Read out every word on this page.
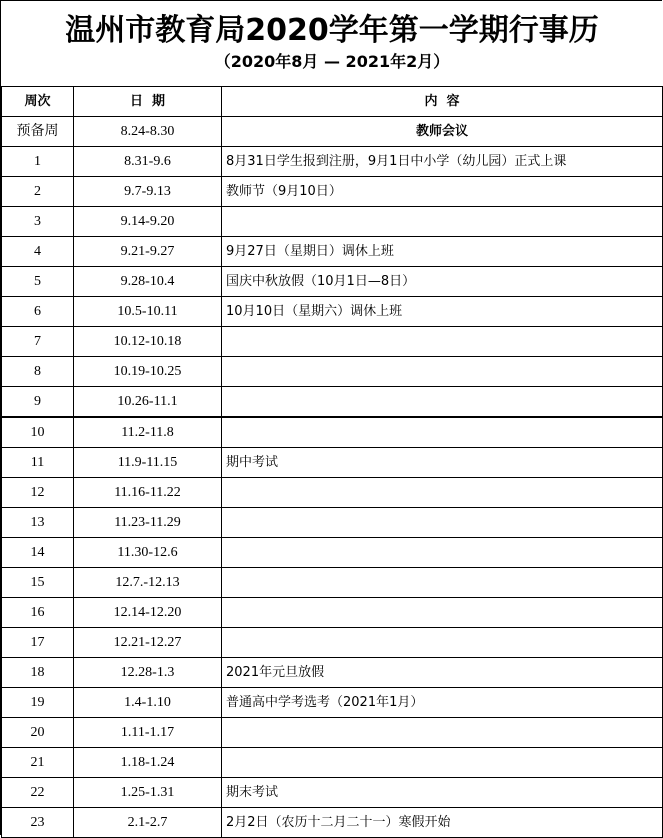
温州市教育局2020学年第一学期行事历
（2020年8月 — 2021年2月）
周次	日  期	内  容
预备周	8.24-8.30	教师会议
1	8.31-9.6	8月31日学生报到注册，9月1日中小学（幼儿园）正式上课
2	9.7-9.13	教师节（9月10日）
3	9.14-9.20	
4	9.21-9.27	9月27日（星期日）调休上班
5	9.28-10.4	国庆中秋放假（10月1日—8日）
6	10.5-10.11	10月10日（星期六）调休上班
7	10.12-10.18	
8	10.19-10.25	
9	10.26-11.1	
10	11.2-11.8	
11	11.9-11.15	期中考试
12	11.16-11.22	
13	11.23-11.29	
14	11.30-12.6	
15	12.7.-12.13	
16	12.14-12.20	
17	12.21-12.27	
18	12.28-1.3	2021年元旦放假
19	1.4-1.10	普通高中学考选考（2021年1月）
20	1.11-1.17	
21	1.18-1.24	
22	1.25-1.31	期末考试
23	2.1-2.7	2月2日（农历十二月二十一）寒假开始
